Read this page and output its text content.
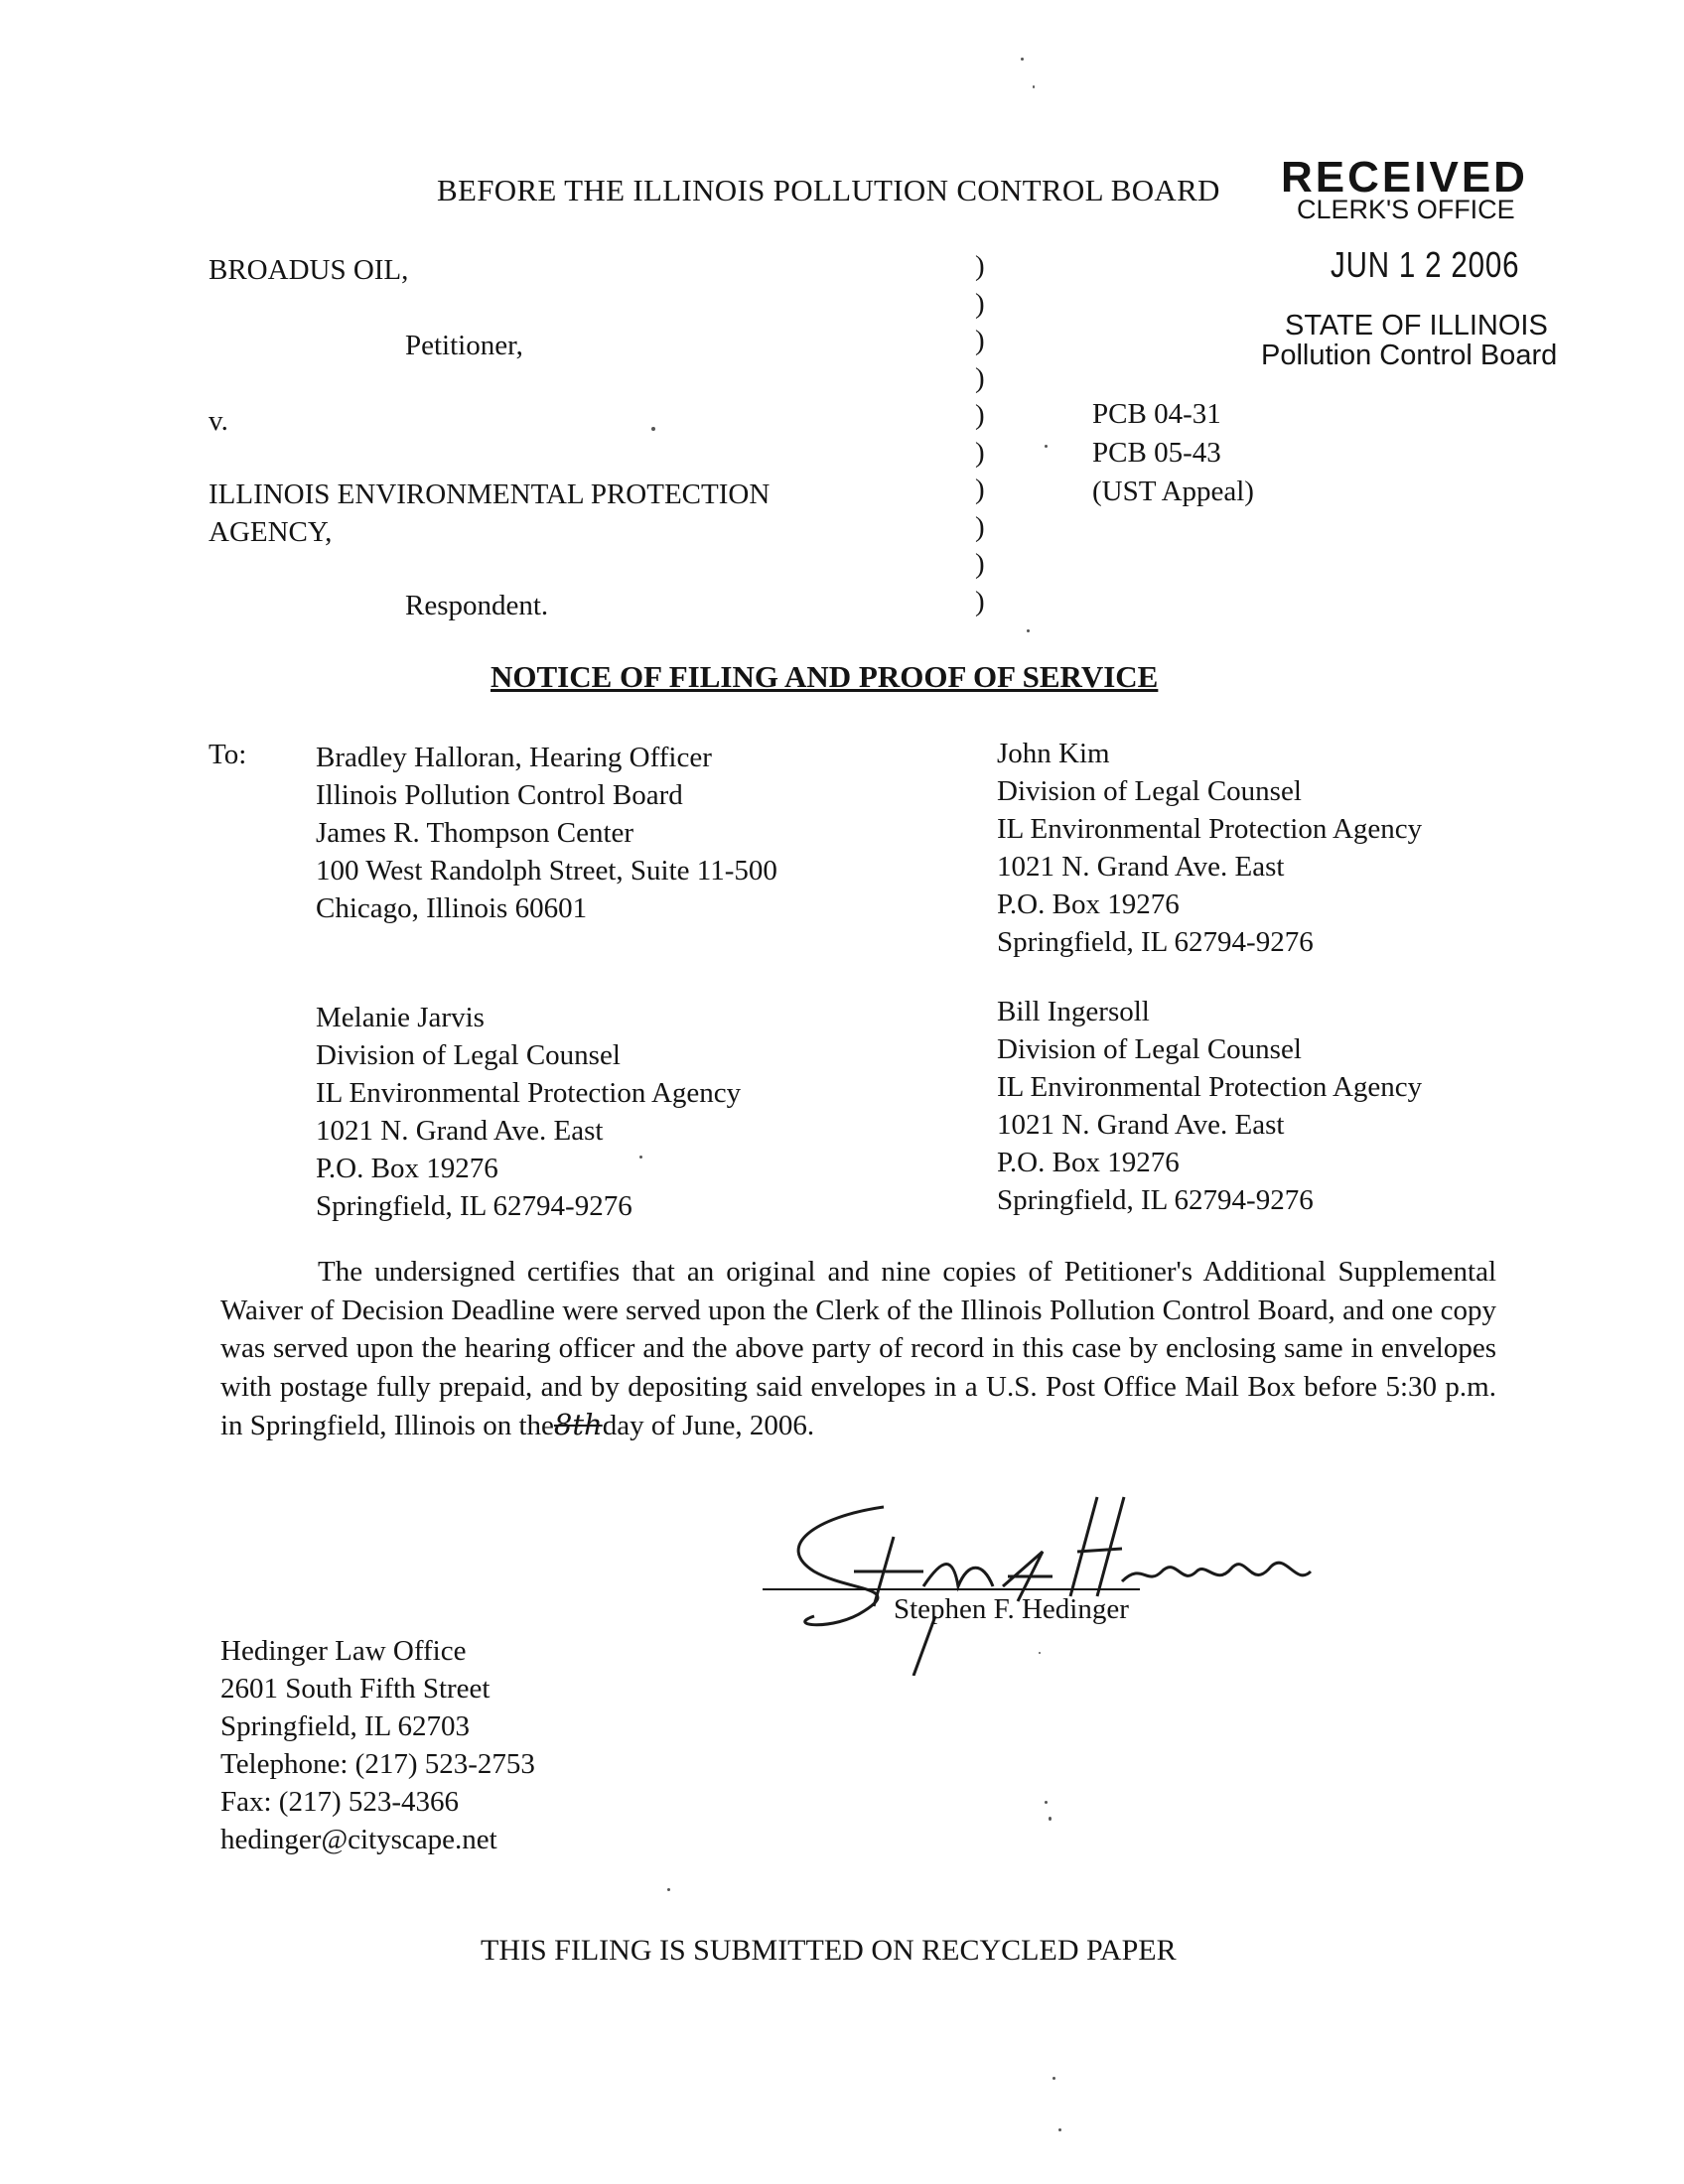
BEFORE THE ILLINOIS POLLUTION CONTROL BOARD RECEIVED
CLERK'S OFFICE
JUN 1 2 2006
STATE OF ILLINOIS
Pollution Control Board
BROADUS OIL,
Petitioner,
v.
ILLINOIS ENVIRONMENTAL PROTECTION
AGENCY,
Respondent.
)
)
)
)
)
)
)
)
)
)
PCB 04-31
PCB 05-43
(UST Appeal)
NOTICE OF FILING AND PROOF OF SERVICE
To: Bradley Halloran, Hearing Officer
Illinois Pollution Control Board
James R. Thompson Center
100 West Randolph Street, Suite 11-500
Chicago, Illinois 60601
John Kim
Division of Legal Counsel
IL Environmental Protection Agency
1021 N. Grand Ave. East
P.O. Box 19276
Springfield, IL 62794-9276
Melanie Jarvis
Division of Legal Counsel
IL Environmental Protection Agency
1021 N. Grand Ave. East
P.O. Box 19276
Springfield, IL 62794-9276
Bill Ingersoll
Division of Legal Counsel
IL Environmental Protection Agency
1021 N. Grand Ave. East
P.O. Box 19276
Springfield, IL 62794-9276
The undersigned certifies that an original and nine copies of Petitioner's Additional Supplemental Waiver of Decision Deadline were served upon the Clerk of the Illinois Pollution Control Board, and one copy was served upon the hearing officer and the above party of record in this case by enclosing same in envelopes with postage fully prepaid, and by depositing said envelopes in a U.S. Post Office Mail Box before 5:30 p.m. in Springfield, Illinois on the8thday of June, 2006.
Stephen F. Hedinger
Hedinger Law Office
2601 South Fifth Street
Springfield, IL 62703
Telephone: (217) 523-2753
Fax: (217) 523-4366
hedinger@cityscape.net
THIS FILING IS SUBMITTED ON RECYCLED PAPER
